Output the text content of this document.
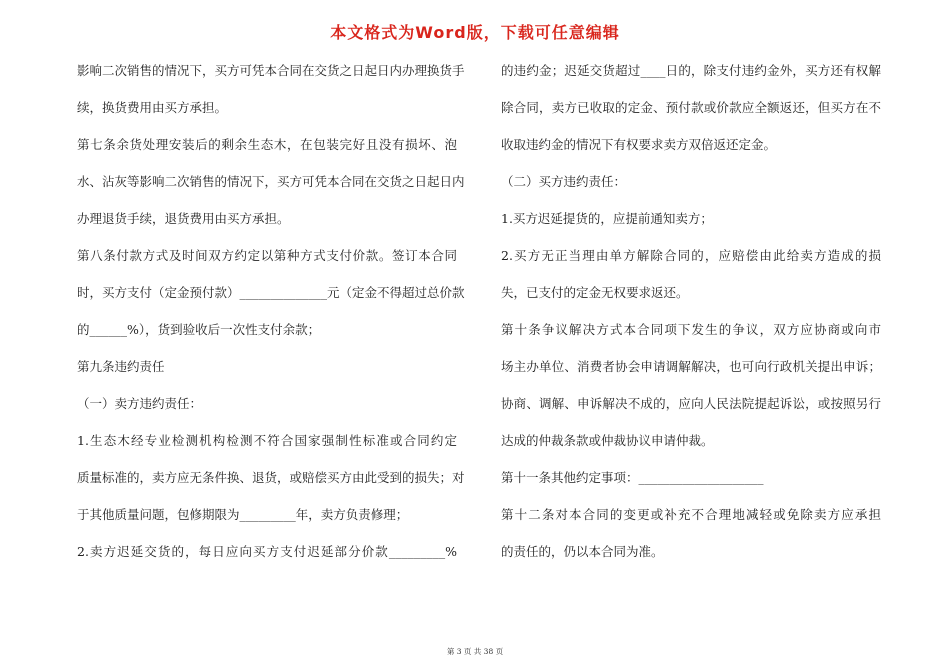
本文格式为Word版，下载可任意编辑
影响二次销售的情况下，买方可凭本合同在交货之日起日内办理换货手
续，换货费用由买方承担。
第七条余货处理安装后的剩余生态木，在包装完好且没有损坏、泡
水、沾灰等影响二次销售的情况下，买方可凭本合同在交货之日起日内
办理退货手续，退货费用由买方承担。
第八条付款方式及时间双方约定以第种方式支付价款。签订本合同
时，买方支付（定金预付款）______________元（定金不得超过总价款
的______%），货到验收后一次性支付余款；
第九条违约责任
（一）卖方违约责任：
1.生态木经专业检测机构检测不符合国家强制性标准或合同约定
质量标准的，卖方应无条件换、退货，或赔偿买方由此受到的损失；对
于其他质量问题，包修期限为_________年，卖方负责修理；
2.卖方迟延交货的，每日应向买方支付迟延部分价款_________%
的违约金；迟延交货超过____日的，除支付违约金外，买方还有权解
除合同，卖方已收取的定金、预付款或价款应全额返还，但买方在不
收取违约金的情况下有权要求卖方双倍返还定金。
（二）买方违约责任：
1.买方迟延提货的，应提前通知卖方；
2.买方无正当理由单方解除合同的，应赔偿由此给卖方造成的损
失，已支付的定金无权要求返还。
第十条争议解决方式本合同项下发生的争议，双方应协商或向市
场主办单位、消费者协会申请调解解决，也可向行政机关提出申诉；
协商、调解、申诉解决不成的，应向人民法院提起诉讼，或按照另行
达成的仲裁条款或仲裁协议申请仲裁。
第十一条其他约定事项：____________________
第十二条对本合同的变更或补充不合理地减轻或免除卖方应承担
的责任的，仍以本合同为准。
第 3 页 共 38 页
